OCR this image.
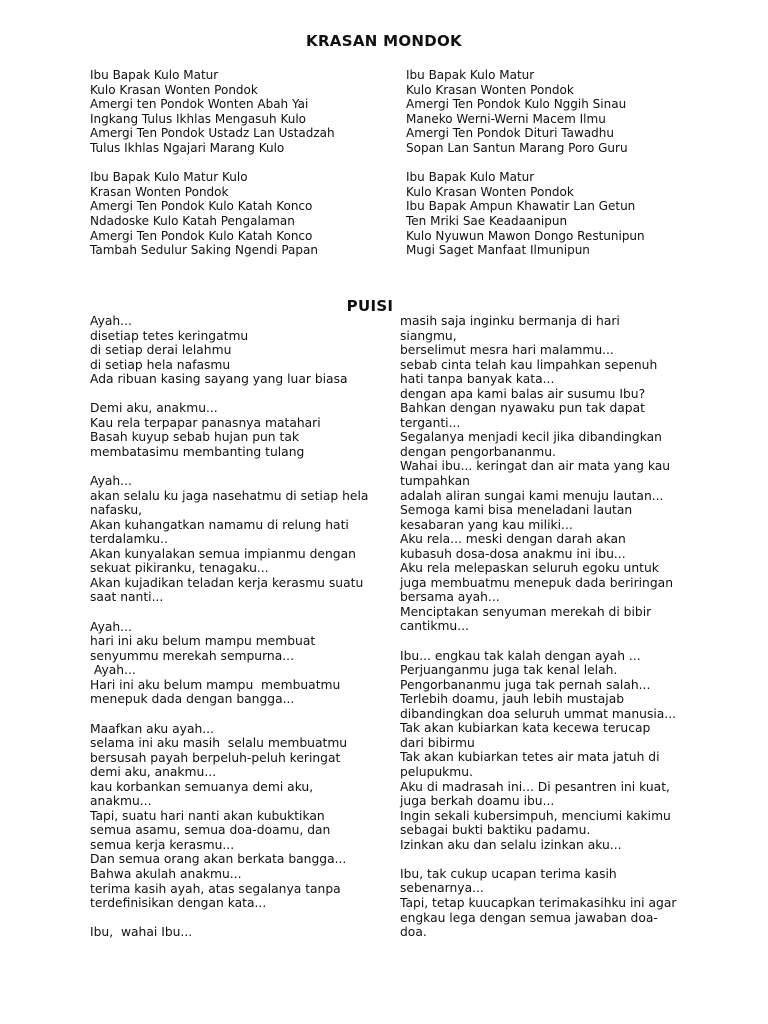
KRASAN MONDOK

Ibu Bapak Kulo Matur

Kulo Krasan Wonten Pondok

Amergi ten Pondok Wonten Abah Yai

Ingkang Tulus Ikhlas Mengasuh Kulo

Amergi Ten Pondok Ustadz Lan Ustadzah

Tulus Ikhlas Ngajari Marang Kulo

Ibu Bapak Kulo Matur Kulo

Krasan Wonten Pondok

Amergi Ten Pondok Kulo Katah Konco

Ndadoske Kulo Katah Pengalaman

Amergi Ten Pondok Kulo Katah Konco

Tambah Sedulur Saking Ngendi Papan

Ibu Bapak Kulo Matur

Kulo Krasan Wonten Pondok

Amergi Ten Pondok Kulo Nggih Sinau

Maneko Werni-Werni Macem Ilmu

Amergi Ten Pondok Dituri Tawadhu

Sopan Lan Santun Marang Poro Guru

Ibu Bapak Kulo Matur

Kulo Krasan Wonten Pondok

Ibu Bapak Ampun Khawatir Lan Getun

Ten Mriki Sae Keadaanipun

Kulo Nyuwun Mawon Dongo Restunipun

Mugi Saget Manfaat Ilmunipun

PUISI

Ayah...

disetiap tetes keringatmu

di setiap derai lelahmu

di setiap hela nafasmu

Ada ribuan kasing sayang yang luar biasa

Demi aku, anakmu...

Kau rela terpapar panasnya matahari

Basah kuyup sebab hujan pun tak

membatasimu membanting tulang

Ayah...

akan selalu ku jaga nasehatmu di setiap hela

nafasku,

Akan kuhangatkan namamu di relung hati

terdalamku..

Akan kunyalakan semua impianmu dengan

sekuat pikiranku, tenagaku...

Akan kujadikan teladan kerja kerasmu suatu

saat nanti...

Ayah...

hari ini aku belum mampu membuat

senyummu merekah sempurna...

Ayah...

Hari ini aku belum mampu  membuatmu

menepuk dada dengan bangga...

Maafkan aku ayah...

selama ini aku masih  selalu membuatmu

bersusah payah berpeluh-peluh keringat

demi aku, anakmu...

kau korbankan semuanya demi aku,

anakmu...

Tapi, suatu hari nanti akan kubuktikan

semua asamu, semua doa-doamu, dan

semua kerja kerasmu...

Dan semua orang akan berkata bangga...

Bahwa akulah anakmu...

terima kasih ayah, atas segalanya tanpa

terdefinisikan dengan kata...

Ibu,  wahai Ibu...

masih saja inginku bermanja di hari

siangmu,

berselimut mesra hari malammu...

sebab cinta telah kau limpahkan sepenuh

hati tanpa banyak kata...

dengan apa kami balas air susumu Ibu?

Bahkan dengan nyawaku pun tak dapat

terganti...

Segalanya menjadi kecil jika dibandingkan

dengan pengorbananmu.

Wahai ibu... keringat dan air mata yang kau

tumpahkan

adalah aliran sungai kami menuju lautan...

Semoga kami bisa meneladani lautan

kesabaran yang kau miliki...

Aku rela... meski dengan darah akan

kubasuh dosa-dosa anakmu ini ibu...

Aku rela melepaskan seluruh egoku untuk

juga membuatmu menepuk dada beriringan

bersama ayah...

Menciptakan senyuman merekah di bibir

cantikmu...

Ibu... engkau tak kalah dengan ayah ...

Perjuanganmu juga tak kenal lelah.

Pengorbananmu juga tak pernah salah...

Terlebih doamu, jauh lebih mustajab

dibandingkan doa seluruh ummat manusia...

Tak akan kubiarkan kata kecewa terucap

dari bibirmu

Tak akan kubiarkan tetes air mata jatuh di

pelupukmu.

Aku di madrasah ini... Di pesantren ini kuat,

juga berkah doamu ibu...

Ingin sekali kubersimpuh, menciumi kakimu

sebagai bukti baktiku padamu.

Izinkan aku dan selalu izinkan aku...

Ibu, tak cukup ucapan terima kasih

sebenarnya...

Tapi, tetap kuucapkan terimakasihku ini agar

engkau lega dengan semua jawaban doa-

doa.
